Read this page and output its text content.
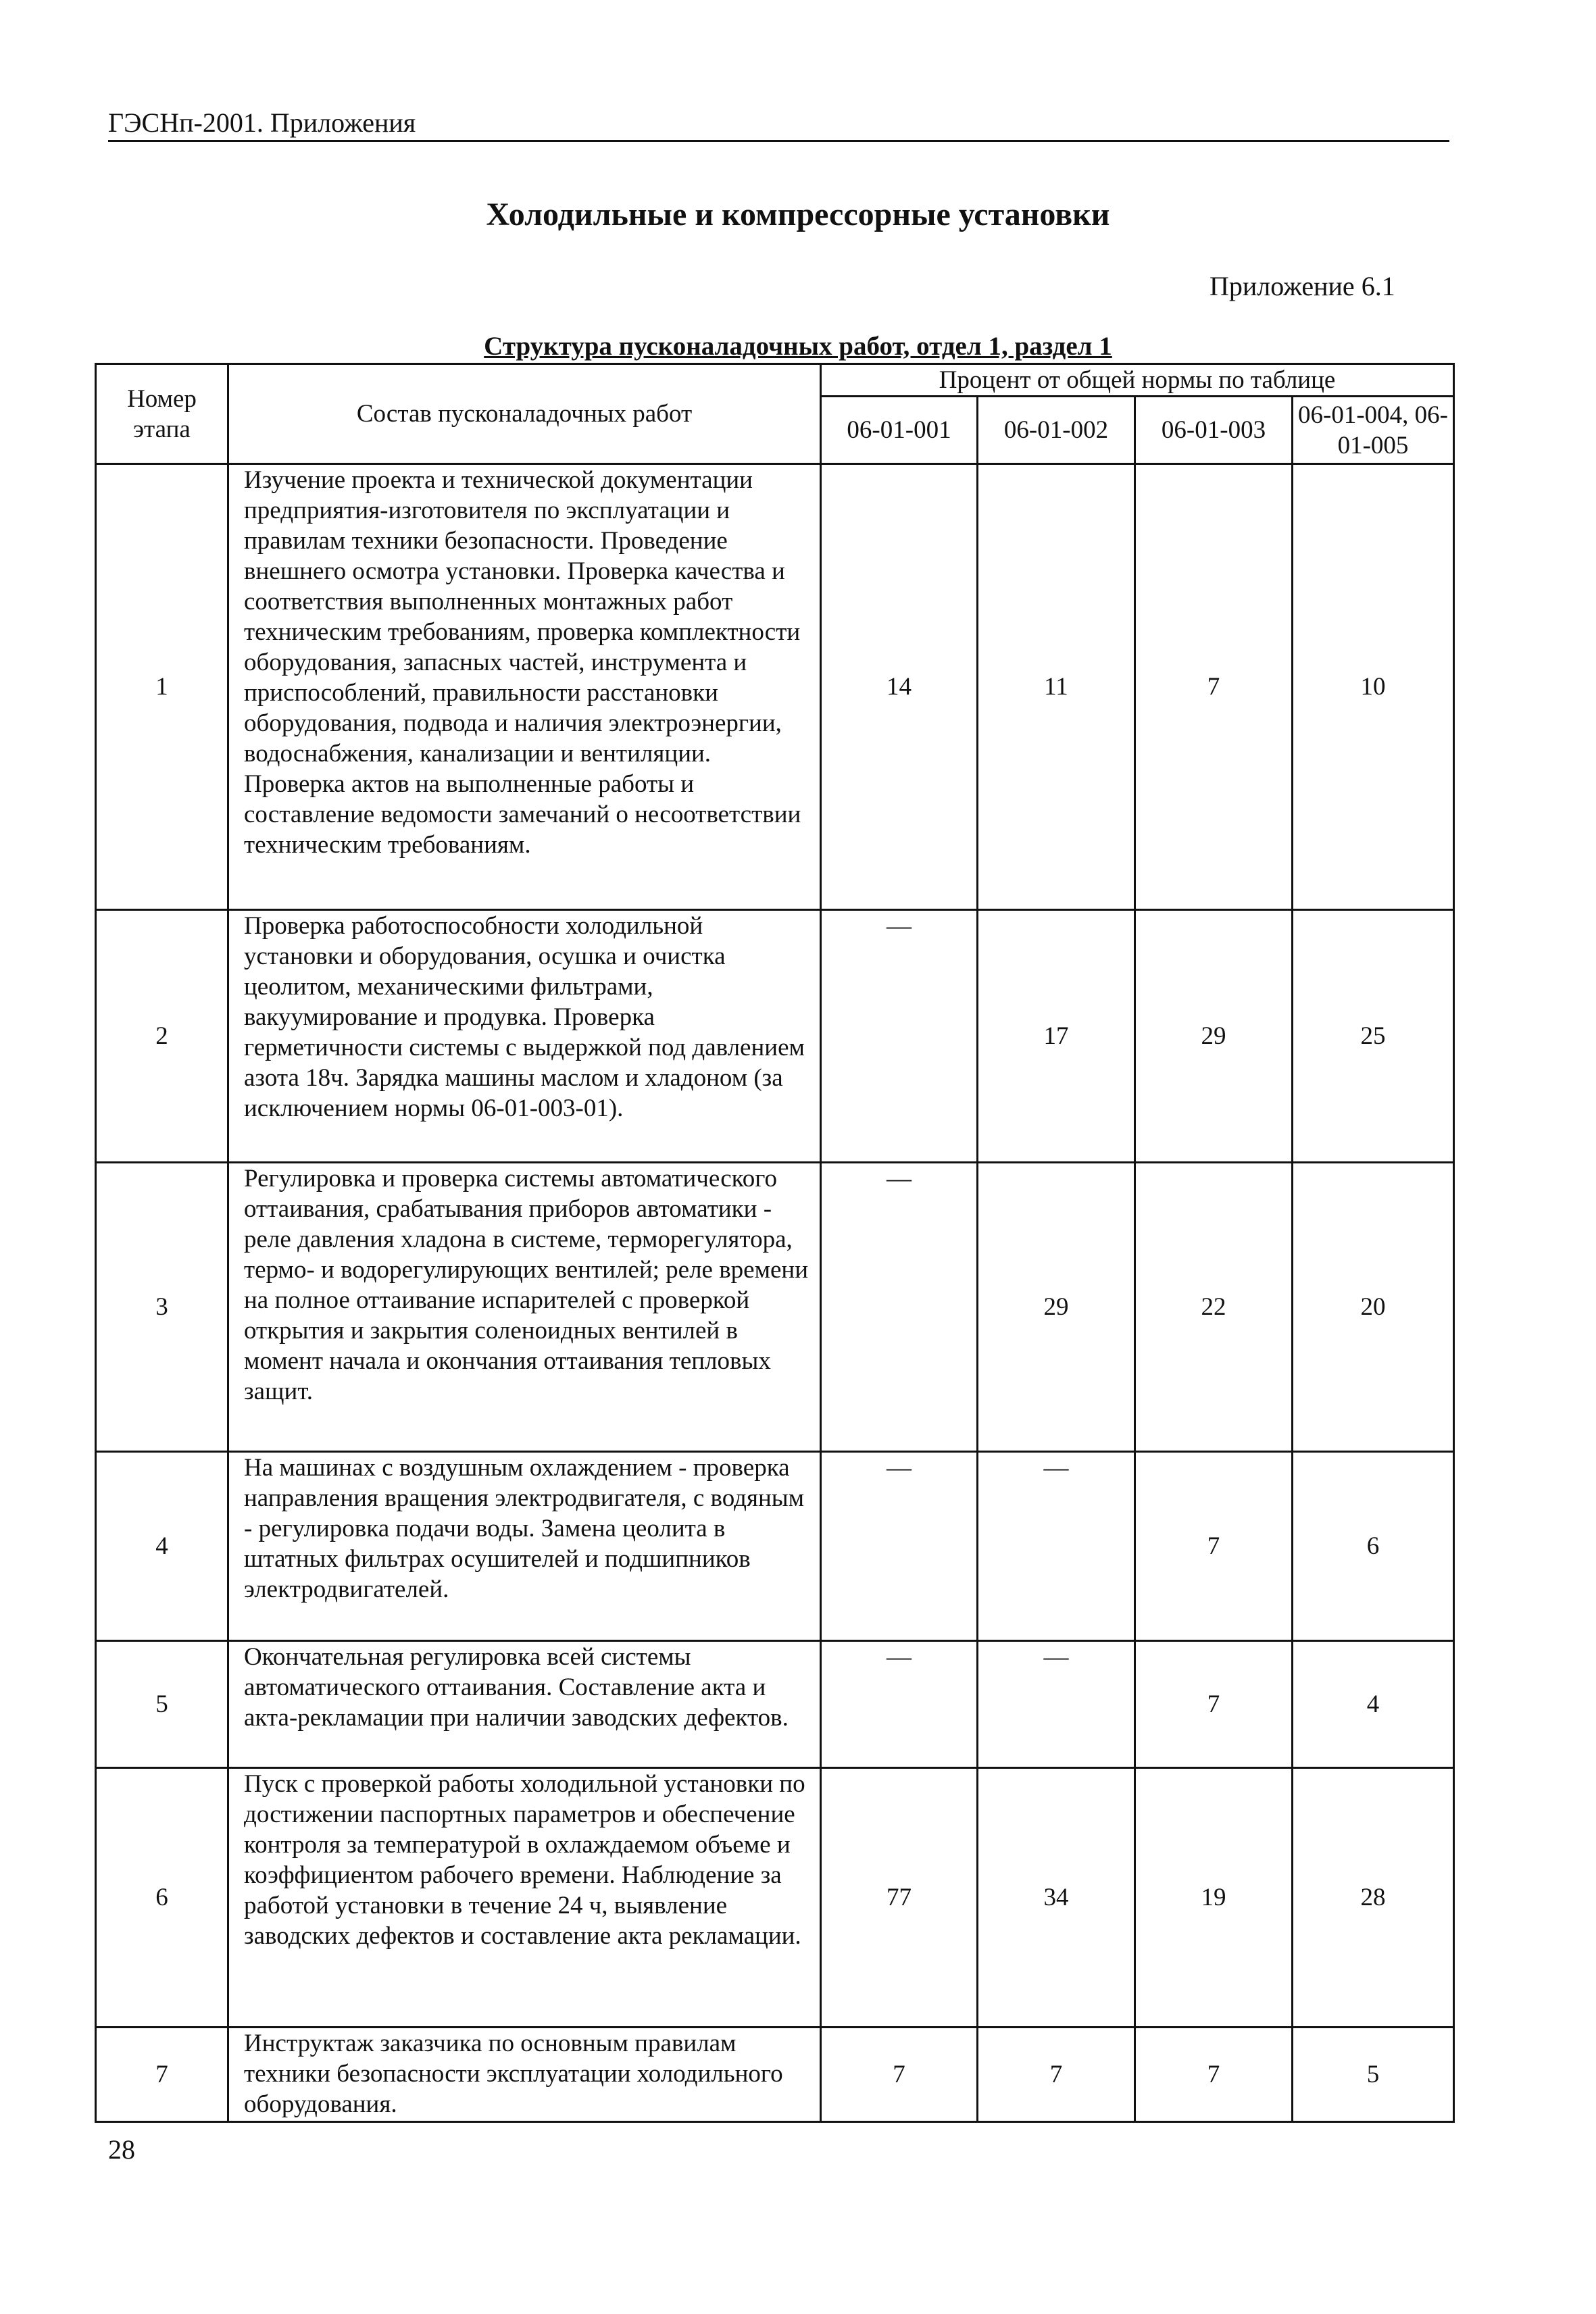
ГЭСНп-2001. Приложения
Холодильные и компрессорные установки
Приложение 6.1
Структура пусконаладочных работ, отдел 1, раздел 1
Номер этапа	Состав пусконаладочных работ	Процент от общей нормы по таблице			
		06-01-001	06-01-002	06-01-003	06-01-004, 06-01-005
1	Изучение проекта и технической документации предприятия-изготовителя по эксплуатации и правилам техники безопасности. Проведение внешнего осмотра установки. Проверка качества и соответствия выполненных монтажных работ техническим требованиям, проверка комплектности оборудования, запасных частей, инструмента и приспособлений, правильности расстановки оборудования, подвода и наличия электроэнергии, водоснабжения, канализации и вентиляции. Проверка актов на выполненные работы и составление ведомости замечаний о несоответствии техническим требованиям.	14	11	7	10
2	Проверка работоспособности холодильной установки и оборудования, осушка и очистка цеолитом, механическими фильтрами, вакуумирование и продувка. Проверка герметичности системы с выдержкой под давлением азота 18ч. Зарядка машины маслом и хладоном (за исключением нормы 06-01-003-01).	—	17	29	25
3	Регулировка и проверка системы автоматического оттаивания, срабатывания приборов автоматики - реле давления хладона в системе, терморегулятора, термо- и водорегулирующих вентилей; реле времени на полное оттаивание испарителей с проверкой открытия и закрытия соленоидных вентилей в момент начала и окончания оттаивания тепловых защит.	—	29	22	20
4	На машинах с воздушным охлаждением - проверка направления вращения электродвигателя, с водяным - регулировка подачи воды. Замена цеолита в штатных фильтрах осушителей и подшипников электродвигателей.	—	—	7	6
5	Окончательная регулировка всей системы автоматического оттаивания. Составление акта и акта-рекламации при наличии заводских дефектов.	—	—	7	4
6	Пуск с проверкой работы холодильной установки по достижении паспортных параметров и обеспечение контроля за температурой в охлаждаемом объеме и коэффициентом рабочего времени. Наблюдение за работой установки в течение 24 ч, выявление заводских дефектов и составление акта рекламации.	77	34	19	28
7	Инструктаж заказчика по основным правилам техники безопасности эксплуатации холодильного оборудования.	7	7	7	5
28
